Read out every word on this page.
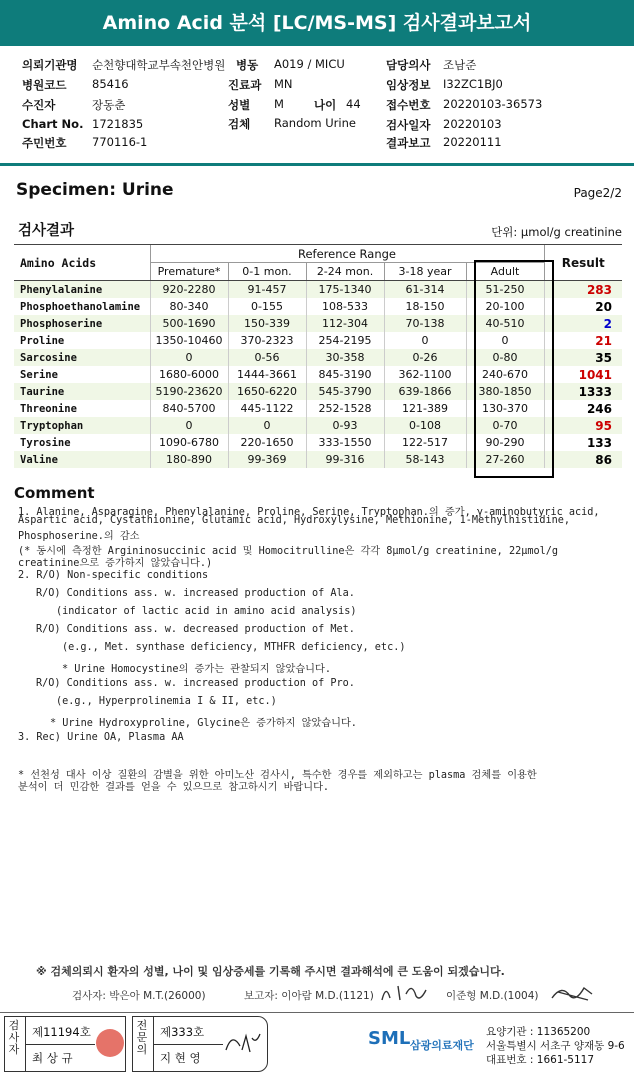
Amino Acid 분석 [LC/MS-MS] 검사결과보고서
의뢰기관명 순천향대학교부속천안병원 병동 A019 / MICU	담당의사 조남준
병원코드 85416	진료과 MN	임상정보 I32ZC1BJ0
수진자	장동춘	성별 M	나이 44 접수번호 20220103-36573
Chart No. 1721835	검체 Random Urine	검사일자 20220103
주민번호 770116-1	결과보고 20220111
Specimen: Urine	Page2/2
검사결과	단위: μmol/g creatinine
Amino Acids	Reference Range					Result
	Premature*	0-1 mon.	2-24 mon.	3-18 year	Adult	
Phenylalanine	920-2280	91-457	175-1340	61-314	51-250	283
Phosphoethanolamine	80-340	0-155	108-533	18-150	20-100	20
Phosphoserine	500-1690	150-339	112-304	70-138	40-510	2
Proline	1350-10460	370-2323	254-2195	0	0	21
Sarcosine	0	0-56	30-358	0-26	0-80	35
Serine	1680-6000	1444-3661	845-3190	362-1100	240-670	1041
Taurine	5190-23620	1650-6220	545-3790	639-1866	380-1850	1333
Threonine	840-5700	445-1122	252-1528	121-389	130-370	246
Tryptophan	0	0	0-93	0-108	0-70	95
Tyrosine	1090-6780	220-1650	333-1550	122-517	90-290	133
Valine	180-890	99-369	99-316	58-143	27-260	86
Comment
1. Alanine, Asparagine, Phenylalanine, Proline, Serine, Tryptophan.의 증가, γ-aminobutyric acid,
Aspartic acid, Cystathionine, Glutamic acid, Hydroxylysine, Methionine, 1-Methylhistidine,
Phosphoserine.의 감소
(* 동시에 측정한 Argininosuccinic acid 및 Homocitrulline은 각각 8μmol/g creatinine, 22μmol/g
creatinine으로 증가하지 않았습니다.)
2. R/O) Non-specific conditions
R/O) Conditions ass. w. increased production of Ala.
(indicator of lactic acid in amino acid analysis)
R/O) Conditions ass. w. decreased production of Met.
(e.g., Met. synthase deficiency, MTHFR deficiency, etc.)
* Urine Homocystine의 증가는 관찰되지 않았습니다.
R/O) Conditions ass. w. increased production of Pro.
(e.g., Hyperprolinemia I & II, etc.)
* Urine Hydroxyproline, Glycine은 증가하지 않았습니다.
3. Rec) Urine OA, Plasma AA
* 선천성 대사 이상 질환의 감별을 위한 아미노산 검사시, 특수한 경우를 제외하고는 plasma 검체를 이용한
분석이 더 민감한 결과를 얻을 수 있으므로 참고하시기 바랍니다.
※ 검체의뢰시 환자의 성별, 나이 및 임상증세를 기록해 주시면 결과해석에 큰 도움이 되겠습니다.
검사자: 박은아 M.T.(26000)	보고자: 이아람 M.D.(1121)	이준형 M.D.(1004)
검사자
제11194호
최 상 규
전문의
제333호
지 현 영
SML 삼광의료재단
요양기관 : 11365200
서울특별시 서초구 양재동 9-6
대표번호 : 1661-5117
